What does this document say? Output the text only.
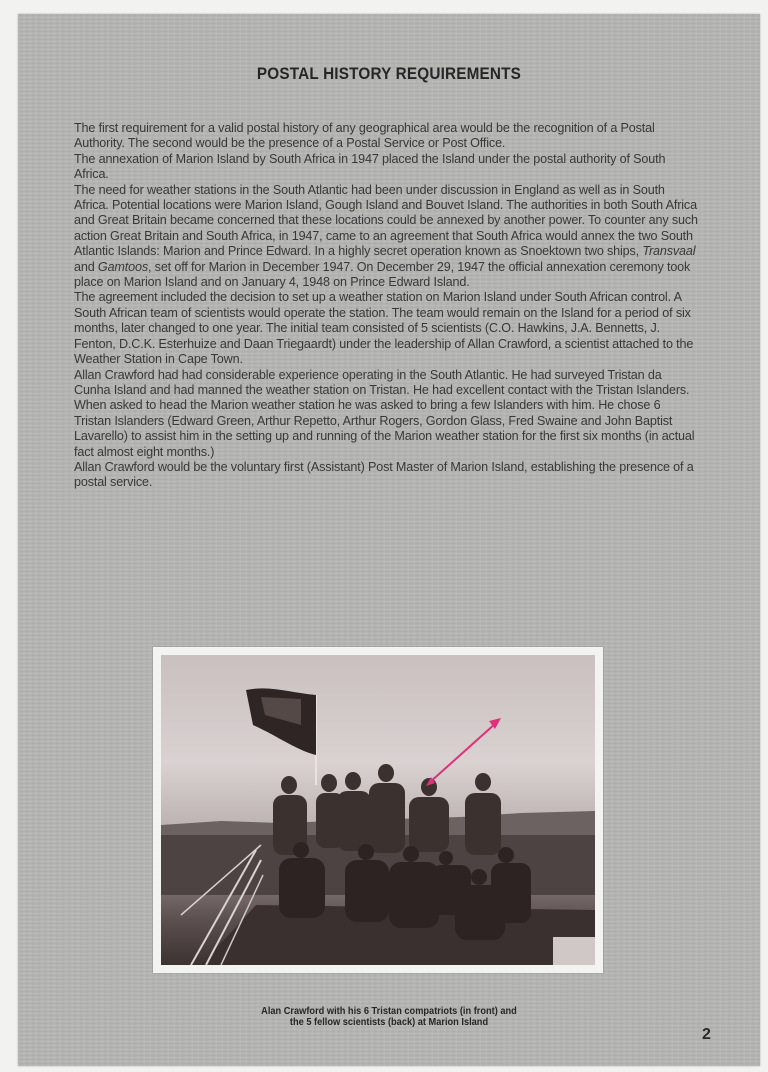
POSTAL HISTORY REQUIREMENTS

The first requirement for a valid postal history of any geographical area would be the recognition of a Postal Authority. The second would be the presence of a Postal Service or Post Office.

The annexation of Marion Island by South Africa in 1947 placed the Island under the postal authority of South Africa.

The need for weather stations in the South Atlantic had been under discussion in England as well as in South Africa. Potential locations were Marion Island, Gough Island and Bouvet Island. The authorities in both South Africa and Great Britain became concerned that these locations could be annexed by another power. To counter any such action Great Britain and South Africa, in 1947, came to an agreement that South Africa would annex the two South Atlantic Islands: Marion and Prince Edward. In a highly secret operation known as Snoektown two ships, Transvaal and Gamtoos, set off for Marion in December 1947. On December 29, 1947 the official annexation ceremony took place on Marion Island and on January 4, 1948 on Prince Edward Island.

The agreement included the decision to set up a weather station on Marion Island under South African control. A South African team of scientists would operate the station. The team would remain on the Island for a period of six months, later changed to one year. The initial team consisted of 5 scientists (C.O. Hawkins, J.A. Bennetts, J. Fenton, D.C.K. Esterhuize and Daan Triegaardt) under the leadership of Allan Crawford, a scientist attached to the Weather Station in Cape Town.

Allan Crawford had had considerable experience operating in the South Atlantic. He had surveyed Tristan da Cunha Island and had manned the weather station on Tristan. He had excellent contact with the Tristan Islanders. When asked to head the Marion weather station he was asked to bring a few Islanders with him. He chose 6 Tristan Islanders (Edward Green, Arthur Repetto, Arthur Rogers, Gordon Glass, Fred Swaine and John Baptist Lavarello) to assist him in the setting up and running of the Marion weather station for the first six months (in actual fact almost eight months.)

Allan Crawford would be the voluntary first (Assistant) Post Master of Marion Island, establishing the presence of a postal service.

Alan Crawford with his 6 Tristan compatriots (in front) and
the 5 fellow scientists (back) at Marion Island
2
